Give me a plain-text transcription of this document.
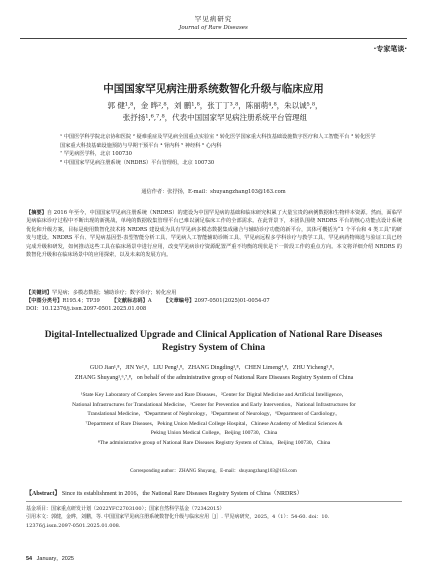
罕见病研究
Journal of Rare Diseases
·专家笔谈·
中国国家罕见病注册系统数智化升级与临床应用
郭 健¹,⁸，金 晔²,⁸，刘 鹏¹,⁸，张丁丁³,⁸，陈丽萌⁴,⁸，朱以诚⁵,⁸，
张抒扬¹,⁶,⁷,⁸，代表中国国家罕见病注册系统平台管理组

¹ 中国医学科学院北京协和医院 ² 疑难重症及罕见病全国重点实验室 ³ 转化医学国家重大科技基础设施数字医疗和人工智能平台 ³ 转化医学国家重大科技基础设施预防与早期干预平台 ⁴ 肾内科 ⁵ 神经科 ⁶ 心内科

⁷ 罕见病医学科，北京 100730

⁸ 中国国家罕见病注册系统（NRDRS）平台管理组，北京 100730

通信作者：张抒扬，E-mail：shuyangzhang103@163.com

【摘要】自 2016 年至今，中国国家罕见病注册系统（NRDRS）的建设为中国罕见病的基础和临床研究积累了大量宝贵的病例数据和生物样本资源。然而，面临罕见病临床诊疗过程中不断出现的新挑战，单纯的数据收集管理平台已难以满足临床工作的全部需求。在此背景下，本团队围绕 NRDRS 平台的核心功能点设计系统优化和升级方案，目标是使用数智化技术将 NRDRS 建设成为具有罕见病多模态数据集成融合与辅助诊疗功能的新平台，其体可概括为“1 个平台和 4 类工具”的研发与建设。NRDRS 平台、罕见病基因型-表型智能分析工具、罕见病人工智能辅助诊断工具、罕见病远程多学科诊疗与教学工具、罕见病药物筛选与验证工具已经完成升级和研发，如何推动这些工具在临床场景中进行应用，改变罕见病诊疗资源配置严重不均衡的现状是下一阶段工作的重点方向。本文将详细介绍 NRDRS 的数智化升级和在临床场景中的应用探索，以及未来的发展方向。

【关键词】罕见病；多模态数据；辅助诊疗；数字诊疗；转化应用

【中图分类号】R195.4；TP39 【文献标志码】A 【文章编号】2097-0501(2025)01-0054-07

DOI：10.12376/j.issn.2097-0501.2025.01.008

Digital-Intellectualized Upgrade and Clinical Application of National Rare Diseases Registry System of China
GUO Jian¹,⁸，JIN Ye²,⁸，LIU Peng¹,⁸，ZHANG Dingding³,⁸，CHEN Limeng⁴,⁸，ZHU Yicheng⁵,⁸，
ZHANG Shuyang¹,⁶,⁷,⁸，on behalf of the administrative group of National Rare Diseases Registry System of China

¹State Key Laboratory of Complex Severe and Rare Diseases，²Center for Digital Medicine and Artificial Intelligence，

National Infrastructures for Translational Medicine，³Center for Prevention and Early Intervention，National Infrastructures for

Translational Medicine，⁴Department of Nephrology，⁵Department of Neurology，⁶Department of Cardiology，

⁷Department of Rare Diseases，Peking Union Medical College Hospital，Chinese Academy of Medical Sciences &

Peking Union Medical College，Beijing 100730，China

⁸The administrative group of National Rare Diseases Registry System of China，Beijing 100730，China

Corresponding author：ZHANG Shuyang，E-mail：shuyangzhang103@163.com
【Abstract】 Since its establishment in 2016，the National Rare Diseases Registry System of China（NRDRS）

基金项目：国家重点研发计划（2022YFC2703100）；国家自然科学基金（72342015）

引用本文：郭健，金晔，刘鹏，等. 中国国家罕见病注册系统数智化升级与临床应用［J］. 罕见病研究，2025，4（1）：54-60. doi：10.

12376/j.issn.2097-0501.2025.01.008.

54 January，2025
